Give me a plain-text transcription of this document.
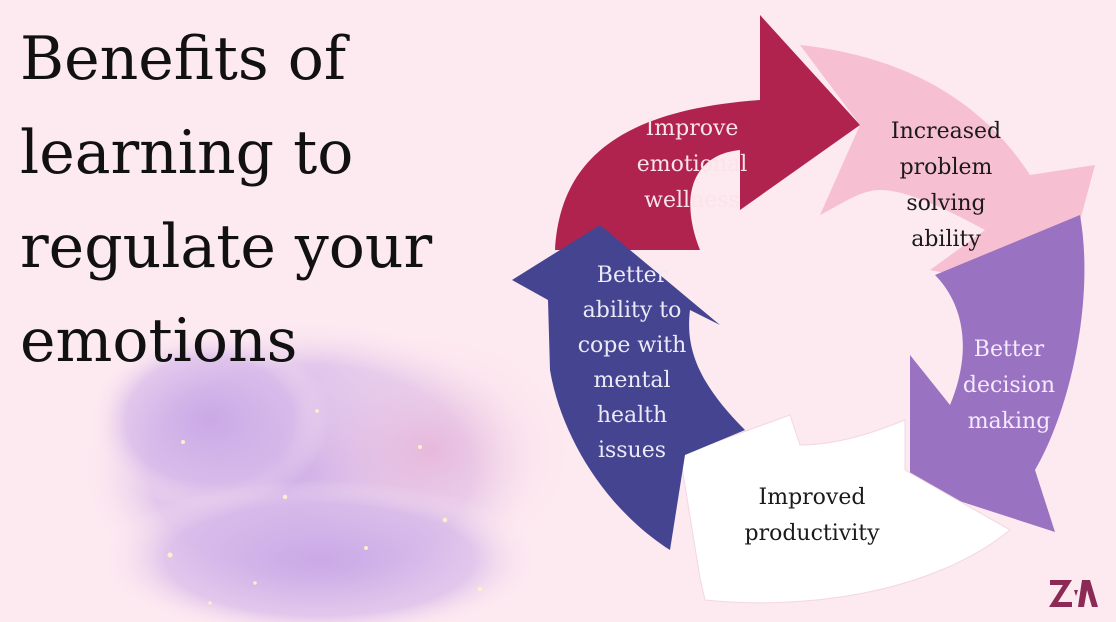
Benefits of
learning to
regulate your
emotions
Improve
emotional
wellness
Increased
problem
solving
ability
Better
decision
making
Improved
productivity
Better
ability to
cope with
mental
health
issues
